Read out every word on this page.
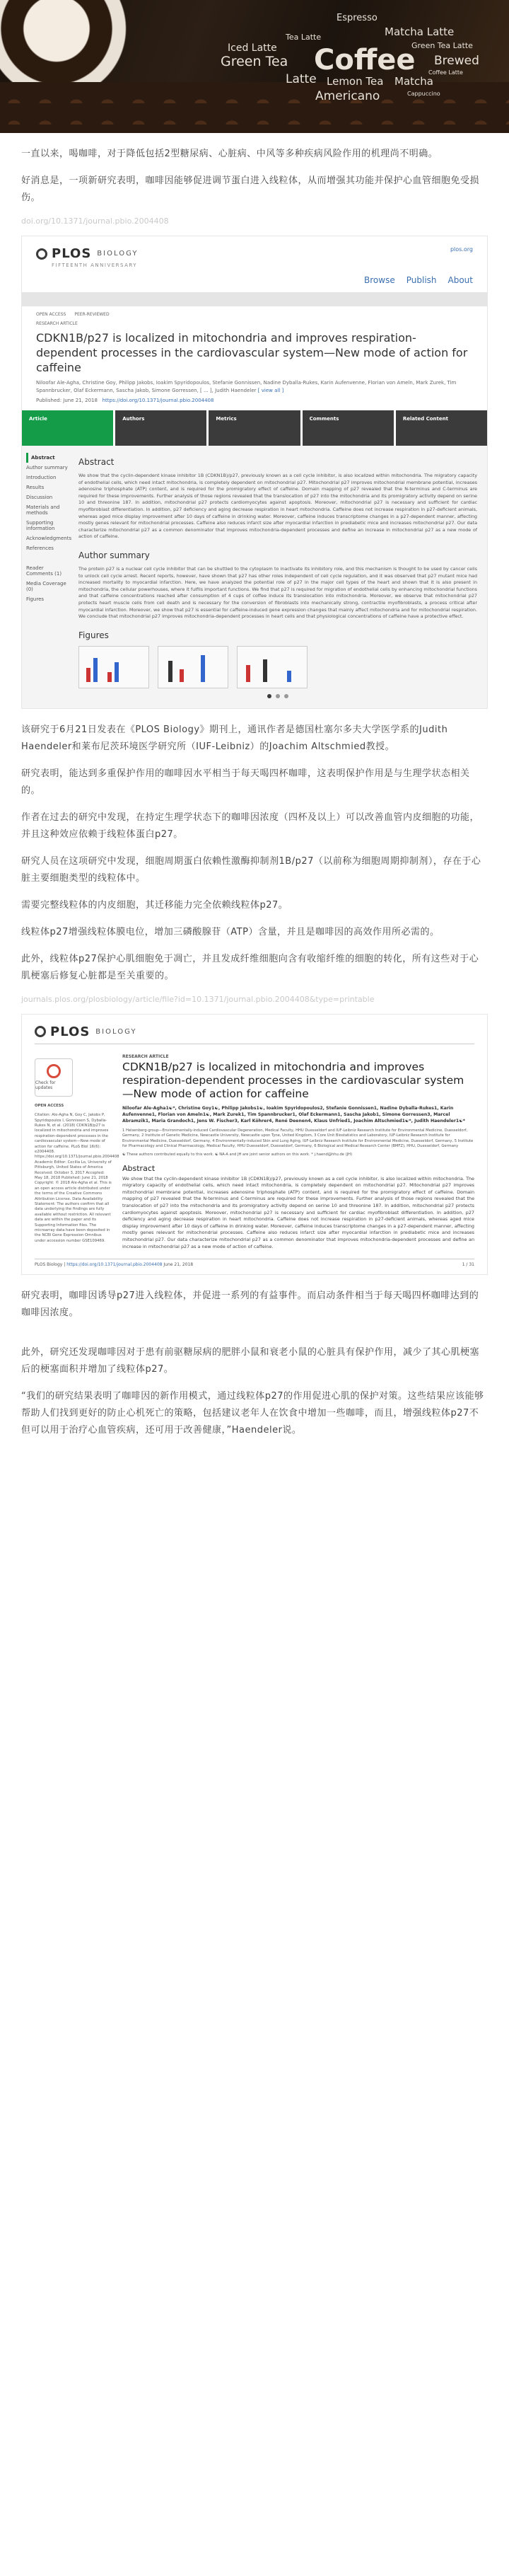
Espresso
Matcha Latte
Tea Latte
Iced Latte
Green Tea Coffee Brewed
Latte Lemon Tea Matcha
Americano
Green Tea Latte
Cappuccino
Coffee Latte

一直以来，喝咖啡，对于降低包括2型糖尿病、心脏病、中风等多种疾病风险作用的机理尚不明确。

好消息是，一项新研究表明，咖啡因能够促进调节蛋白进入线粒体，从而增强其功能并保护心血管细胞免受损伤。

doi.org/10.1371/journal.pbio.2004408
PLOS BIOLOGY
plos.org
FIFTEENTH ANNIVERSARY
Browse Publish About
OPEN ACCESS PEER-REVIEWED
RESEARCH ARTICLE
CDKN1B/p27 is localized in mitochondria and improves respiration-dependent processes in the cardiovascular system—New mode of action for caffeine
Niloofar Ale-Agha, Christine Goy, Philipp Jakobs, Ioakim Spyridopoulos, Stefanie Gonnissen, Nadine Dyballa-Rukes, Karin Aufenvenne, Florian von Ameln, Mark Zurek, Tim Spannbrucker, Olaf Eckermann, Sascha Jakob, Simone Gorressen, [ ... ], Judith Haendeler [ view all ]
Published: June 21, 2018 https://doi.org/10.1371/journal.pbio.2004408
Article	Authors	Metrics	Comments	Related Content
Abstract
Author summary
Introduction
Results
Discussion
Materials and methods
Supporting information
Acknowledgments
References
Reader Comments (1)
Media Coverage (0)
Figures
Abstract

We show that the cyclin-dependent kinase inhibitor 1B (CDKN1B)/p27, previously known as a cell cycle inhibitor, is also localized within mitochondria. The migratory capacity of endothelial cells, which need intact mitochondria, is completely dependent on mitochondrial p27. Mitochondrial p27 improves mitochondrial membrane potential, increases adenosine triphosphate (ATP) content, and is required for the promigratory effect of caffeine. Domain mapping of p27 revealed that the N-terminus and C-terminus are required for these improvements. Further analysis of those regions revealed that the translocation of p27 into the mitochondria and its promigratory activity depend on serine 10 and threonine 187. In addition, mitochondrial p27 protects cardiomyocytes against apoptosis. Moreover, mitochondrial p27 is necessary and sufficient for cardiac myofibroblast differentiation. In addition, p27 deficiency and aging decrease respiration in heart mitochondria. Caffeine does not increase respiration in p27-deficient animals, whereas aged mice display improvement after 10 days of caffeine in drinking water. Moreover, caffeine induces transcriptome changes in a p27-dependent manner, affecting mostly genes relevant for mitochondrial processes. Caffeine also reduces infarct size after myocardial infarction in prediabetic mice and increases mitochondrial p27. Our data characterize mitochondrial p27 as a common denominator that improves mitochondria-dependent processes and define an increase in mitochondrial p27 as a new mode of action of caffeine.

Author summary

The protein p27 is a nuclear cell cycle inhibitor that can be shuttled to the cytoplasm to inactivate its inhibitory role, and this mechanism is thought to be used by cancer cells to unlock cell cycle arrest. Recent reports, however, have shown that p27 has other roles independent of cell cycle regulation, and it was observed that p27 mutant mice had increased mortality to myocardial infarction. Here, we have analyzed the potential role of p27 in the major cell types of the heart and shown that it is also present in mitochondria, the cellular powerhouses, where it fulfils important functions. We find that p27 is required for migration of endothelial cells by enhancing mitochondrial functions and that caffeine concentrations reached after consumption of 4 cups of coffee induce its translocation into mitochondria. Moreover, we observe that mitochondrial p27 protects heart muscle cells from cell death and is necessary for the conversion of fibroblasts into mechanically strong, contractile myofibroblasts, a process critical after myocardial infarction. Moreover, we show that p27 is essential for caffeine-induced gene expression changes that mainly affect mitochondria and for mitochondrial respiration. We conclude that mitochondrial p27 improves mitochondria-dependent processes in heart cells and that physiological concentrations of caffeine have a protective effect.

Figures

该研究于6月21日发表在《PLOS Biology》期刊上，通讯作者是德国杜塞尔多夫大学医学系的Judith Haendeler和莱布尼茨环境医学研究所（IUF-Leibniz）的Joachim Altschmied教授。

研究表明，能达到多重保护作用的咖啡因水平相当于每天喝四杯咖啡，这表明保护作用是与生理学状态相关的。

作者在过去的研究中发现，在持定生理学状态下的咖啡因浓度（四杯及以上）可以改善血管内皮细胞的功能，并且这种效应依赖于线粒体蛋白p27。

研究人员在这项研究中发现，细胞周期蛋白依赖性激酶抑制剂1B/p27（以前称为细胞周期抑制剂），存在于心脏主要细胞类型的线粒体中。

需要完整线粒体的内皮细胞，其迁移能力完全依赖线粒体p27。

线粒体p27增强线粒体膜电位，增加三磷酸腺苷（ATP）含量，并且是咖啡因的高效作用所必需的。

此外，线粒体p27保护心肌细胞免于凋亡，并且发成纤维细胞向含有收缩纤维的细胞的转化，所有这些对于心肌梗塞后修复心脏都是至关重要的。

journals.plos.org/plosbiology/article/file?id=10.1371/journal.pbio.2004408&type=printable
PLOS BIOLOGY
Check for updates
OPEN ACCESS
Citation: Ale-Agha N, Goy C, Jakobs P, Spyridopoulos I, Gonnissen S, Dyballa-Rukes N, et al. (2018) CDKN1B/p27 is localized in mitochondria and improves respiration-dependent processes in the cardiovascular system—New mode of action for caffeine. PLoS Biol 16(6): e2004408. https://doi.org/10.1371/journal.pbio.2004408 Academic Editor: Cecilia Lo, University of Pittsburgh, United States of America Received: October 3, 2017 Accepted: May 18, 2018 Published: June 21, 2018 Copyright: © 2018 Ale-Agha et al. This is an open access article distributed under the terms of the Creative Commons Attribution License. Data Availability Statement: The authors confirm that all data underlying the findings are fully available without restriction. All relevant data are within the paper and its Supporting Information files. The microarray data have been deposited in the NCBI Gene Expression Omnibus under accession number GSE109469.
RESEARCH ARTICLE
CDKN1B/p27 is localized in mitochondria and improves respiration-dependent processes in the cardiovascular system—New mode of action for caffeine
Niloofar Ale-Agha1☯*, Christine Goy1☯, Philipp Jakobs1☯, Ioakim Spyridopoulos2, Stefanie Gonnissen1, Nadine Dyballa-Rukes1, Karin Aufenvenne1, Florian von Ameln1☯, Mark Zurek1, Tim Spannbrucker1, Olaf Eckermann1, Sascha Jakob1, Simone Gorressen3, Marcel Abramzik1, Maria Grandoch1, Jens W. Fischer3, Karl Köhrer4, René Deenen4, Klaus Unfried1, Joachim Altschmied1☯*, Judith Haendeler1☯*
1 Heisenberg-group—Environmentally-induced Cardiovascular Degeneration, Medical Faculty, HHU Duesseldorf and IUF-Leibniz Research Institute for Environmental Medicine, Duesseldorf, Germany, 2 Institute of Genetic Medicine, Newcastle University, Newcastle upon Tyne, United Kingdom, 3 Core Unit Biostatistics and Laboratory, IUF-Leibniz Research Institute for Environmental Medicine, Duesseldorf, Germany, 4 Environmentally-induced Skin and Lung Aging, IUF-Leibniz Research Institute for Environmental Medicine, Duesseldorf, Germany, 5 Institute for Pharmacology and Clinical Pharmacology, Medical Faculty, HHU Duesseldorf, Duesseldorf, Germany, 6 Biological and Medical Research Center (BMFZ), HHU, Duesseldorf, Germany
☯ These authors contributed equally to this work. ☯ NA-A and JH are joint senior authors on this work. * j.haend@hhu.de (JH)
Abstract

We show that the cyclin-dependent kinase inhibitor 1B (CDKN1B)/p27, previously known as a cell cycle inhibitor, is also localized within mitochondria. The migratory capacity of endothelial cells, which need intact mitochondria, is completely dependent on mitochondrial p27. Mitochondrial p27 improves mitochondrial membrane potential, increases adenosine triphosphate (ATP) content, and is required for the promigratory effect of caffeine. Domain mapping of p27 revealed that the N-terminus and C-terminus are required for these improvements. Further analysis of those regions revealed that the translocation of p27 into the mitochondria and its promigratory activity depend on serine 10 and threonine 187. In addition, mitochondrial p27 protects cardiomyocytes against apoptosis. Moreover, mitochondrial p27 is necessary and sufficient for cardiac myofibroblast differentiation. In addition, p27 deficiency and aging decrease respiration in heart mitochondria. Caffeine does not increase respiration in p27-deficient animals, whereas aged mice display improvement after 10 days of caffeine in drinking water. Moreover, caffeine induces transcriptome changes in a p27-dependent manner, affecting mostly genes relevant for mitochondrial processes. Caffeine also reduces infarct size after myocardial infarction in prediabetic mice and increases mitochondrial p27. Our data characterize mitochondrial p27 as a common denominator that improves mitochondria-dependent processes and define an increase in mitochondrial p27 as a new mode of action of caffeine.

PLOS Biology | https://doi.org/10.1371/journal.pbio.2004408 June 21, 2018	1 / 31

研究表明，咖啡因诱导p27进入线粒体，并促进一系列的有益事件。而启动条件相当于每天喝四杯咖啡达到的咖啡因浓度。

此外，研究还发现咖啡因对于患有前驱糖尿病的肥胖小鼠和衰老小鼠的心脏具有保护作用，减少了其心肌梗塞后的梗塞面积并增加了线粒体p27。

“我们的研究结果表明了咖啡因的新作用模式，通过线粒体p27的作用促进心肌的保护对策。这些结果应该能够帮助人们找到更好的防止心机死亡的策略，包括建议老年人在饮食中增加一些咖啡，而且，增强线粒体p27不但可以用于治疗心血管疾病，还可用于改善健康，”Haendeler说。
